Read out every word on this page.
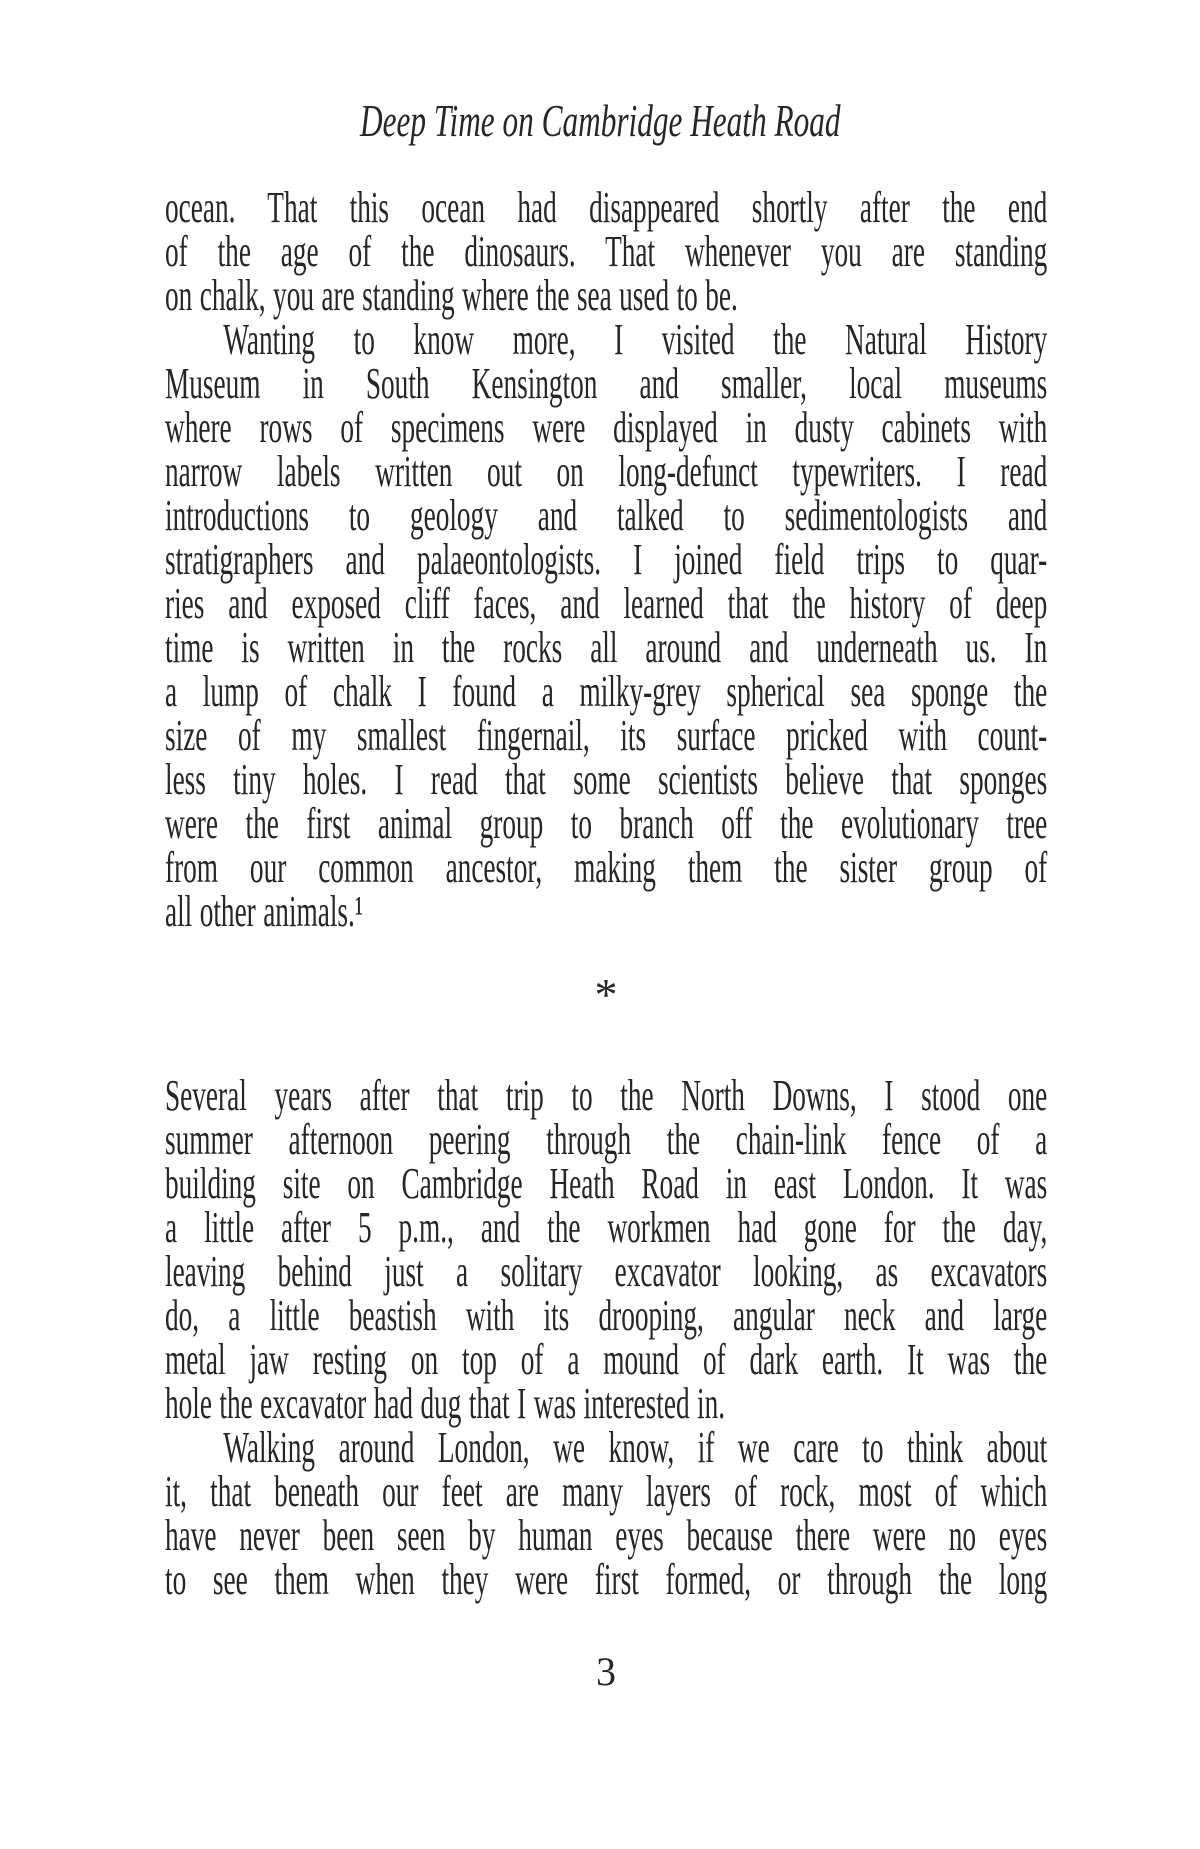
Deep Time on Cambridge Heath Road
ocean. That this ocean had disappeared shortly after the end
of the age of the dinosaurs. That whenever you are standing
on chalk, you are standing where the sea used to be.
Wanting to know more, I visited the Natural History
Museum in South Kensington and smaller, local museums
where rows of specimens were displayed in dusty cabinets with
narrow labels written out on long-defunct typewriters. I read
introductions to geology and talked to sedimentologists and
stratigraphers and palaeontologists. I joined field trips to quar-
ries and exposed cliff faces, and learned that the history of deep
time is written in the rocks all around and underneath us. In
a lump of chalk I found a milky-grey spherical sea sponge the
size of my smallest fingernail, its surface pricked with count-
less tiny holes. I read that some scientists believe that sponges
were the first animal group to branch off the evolutionary tree
from our common ancestor, making them the sister group of
all other animals.¹
*
Several years after that trip to the North Downs, I stood one
summer afternoon peering through the chain-link fence of a
building site on Cambridge Heath Road in east London. It was
a little after 5 p.m., and the workmen had gone for the day,
leaving behind just a solitary excavator looking, as excavators
do, a little beastish with its drooping, angular neck and large
metal jaw resting on top of a mound of dark earth. It was the
hole the excavator had dug that I was interested in.
Walking around London, we know, if we care to think about
it, that beneath our feet are many layers of rock, most of which
have never been seen by human eyes because there were no eyes
to see them when they were first formed, or through the long
3
